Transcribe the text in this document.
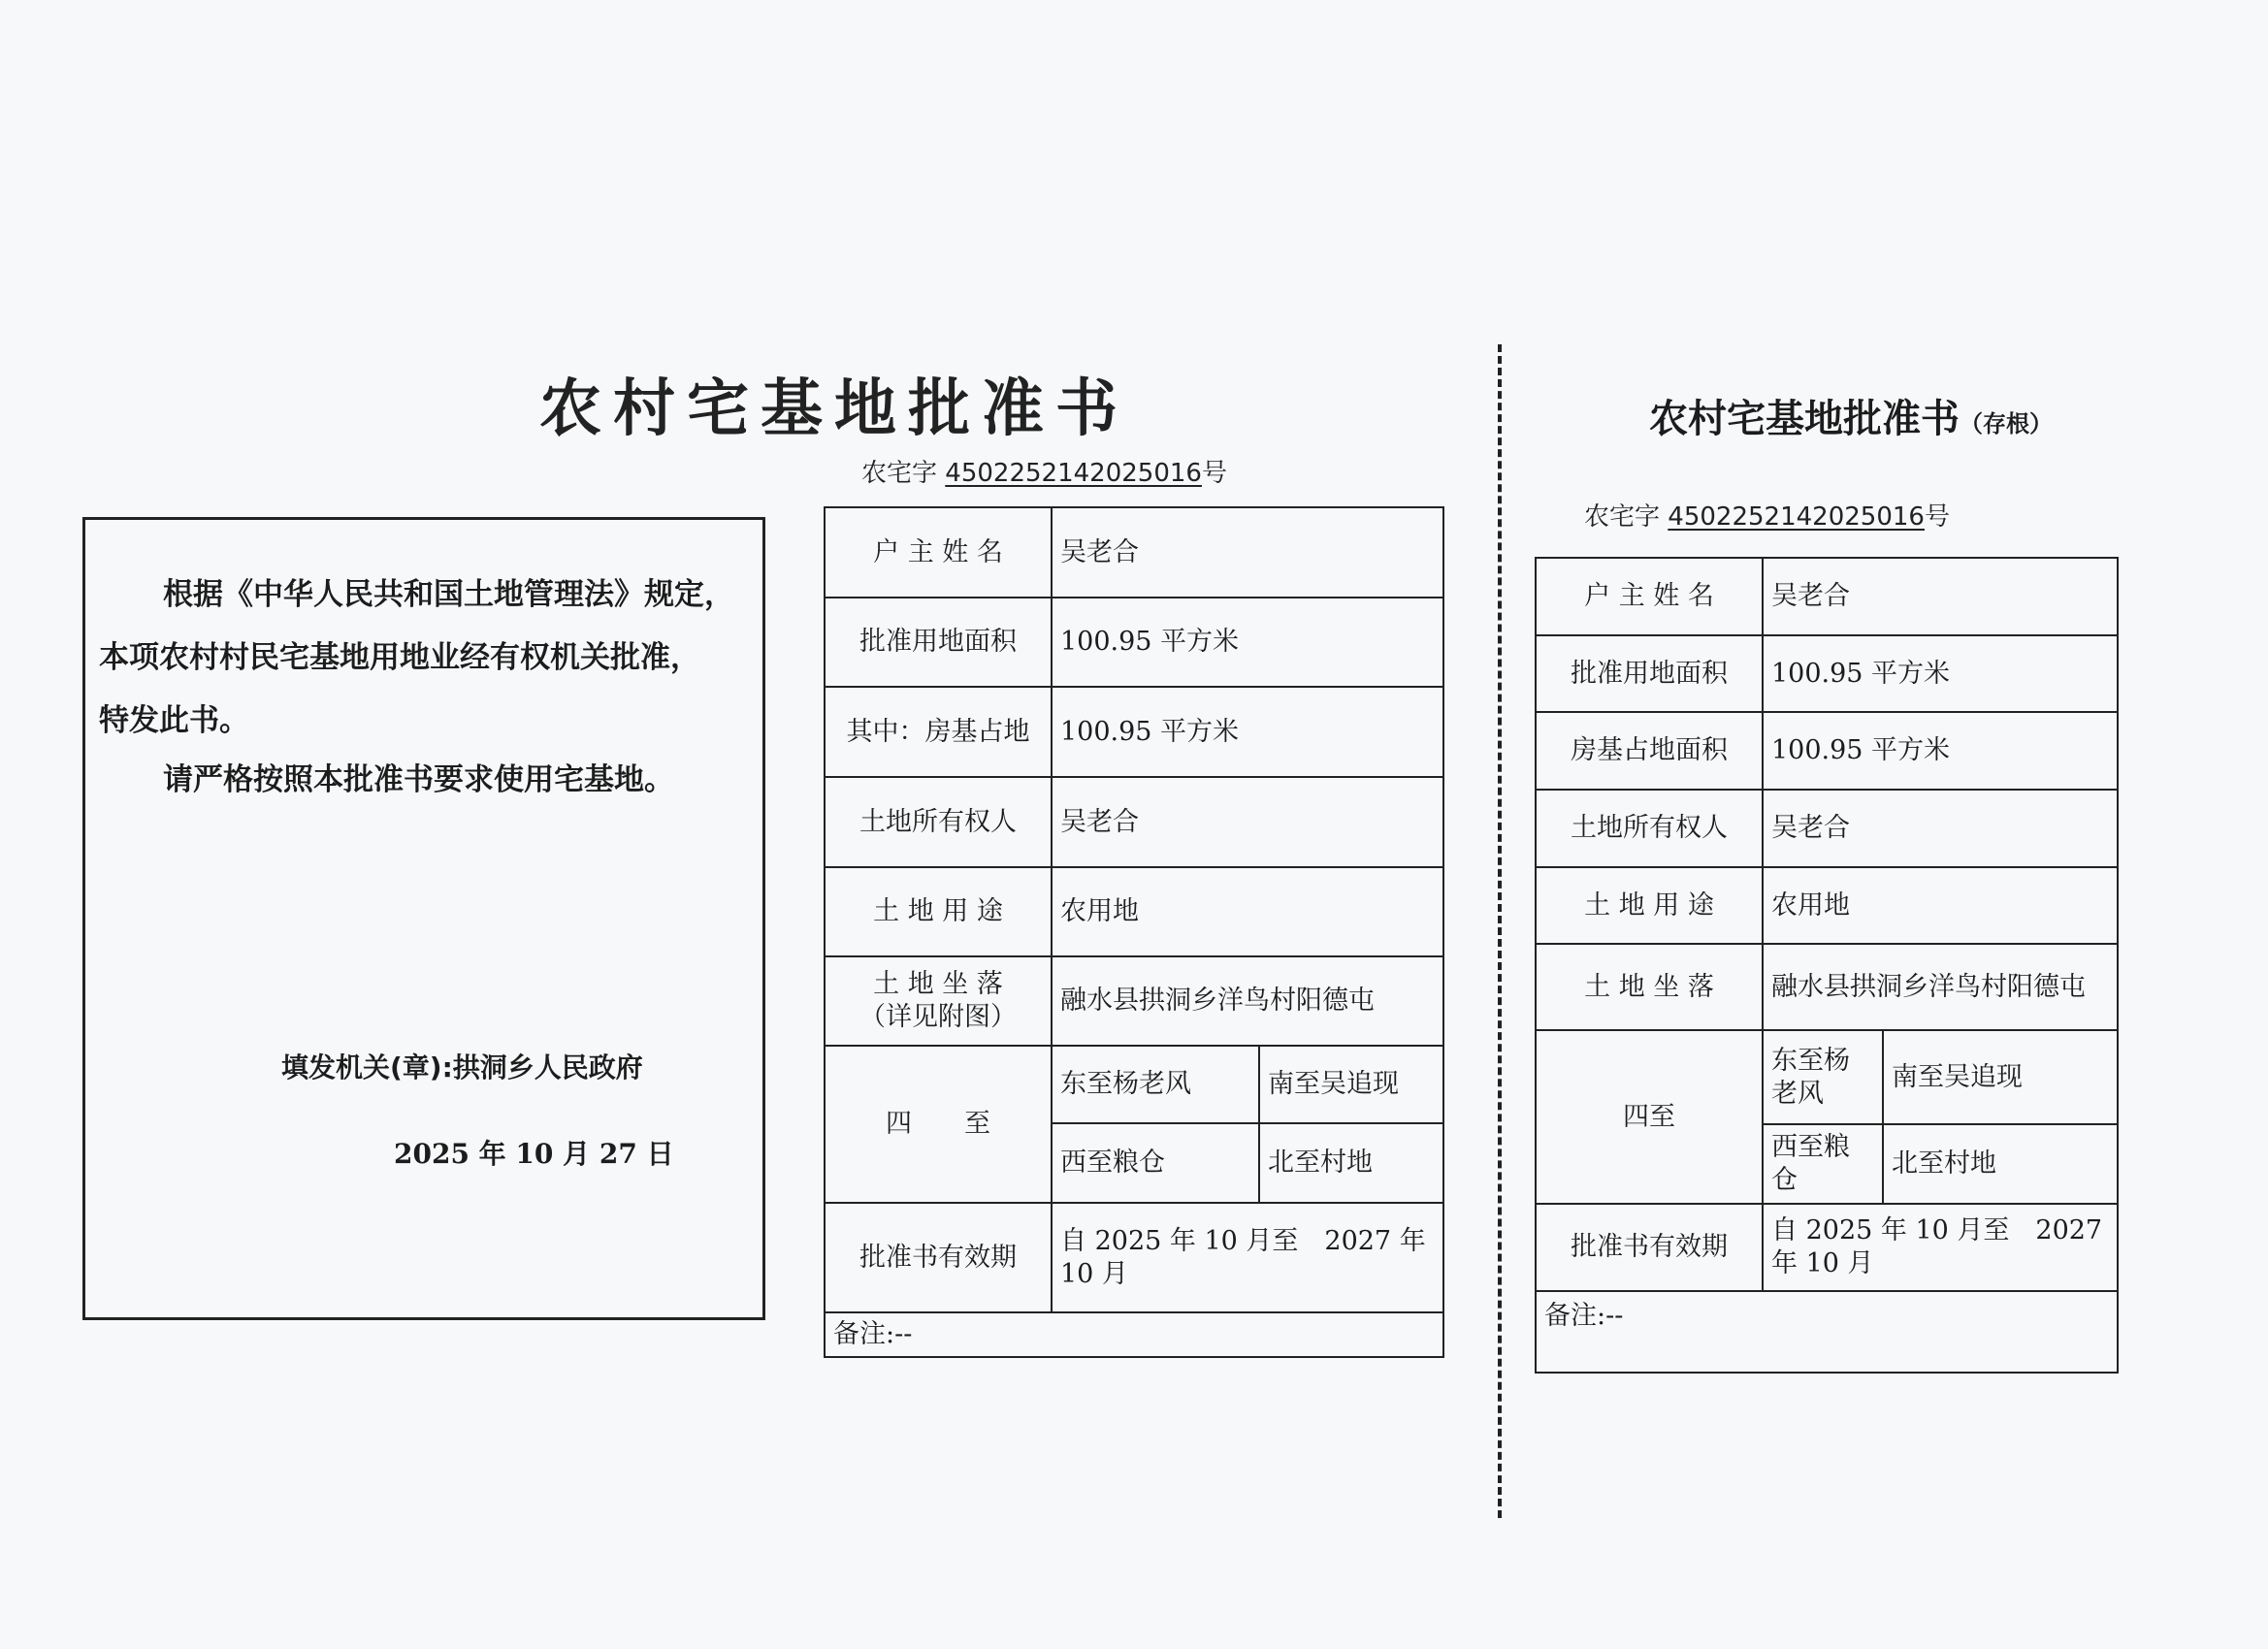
农村宅基地批准书
农宅字 4502252142025016号

根据《中华人民共和国土地管理法》规定，

本项农村村民宅基地用地业经有权机关批准，

特发此书。

请严格按照本批准书要求使用宅基地。

填发机关(章):拱洞乡人民政府

2025 年 10 月 27 日

户 主 姓 名	吴老合	
批准用地面积	100.95 平方米	
其中：房基占地	100.95 平方米	
土地所有权人	吴老合	
土 地 用 途	农用地	

土 地 坐 落
（详见附图）	融水县拱洞乡洋鸟村阳德屯	
四　　至	东至杨老风	南至吴追现
	西至粮仓	北至村地
批准书有效期	自 2025 年 10 月至　2027 年 10 月	
备注:--		
农村宅基地批准书（存根）
农宅字 4502252142025016号
户 主 姓 名	吴老合	
批准用地面积	100.95 平方米	
房基占地面积	100.95 平方米	
土地所有权人	吴老合	
土 地 用 途	农用地	
土 地 坐 落	融水县拱洞乡洋鸟村阳德屯	
四至	东至杨老风	南至吴追现
	西至粮仓	北至村地
批准书有效期	自 2025 年 10 月至　2027 年 10 月	
备注:--		
